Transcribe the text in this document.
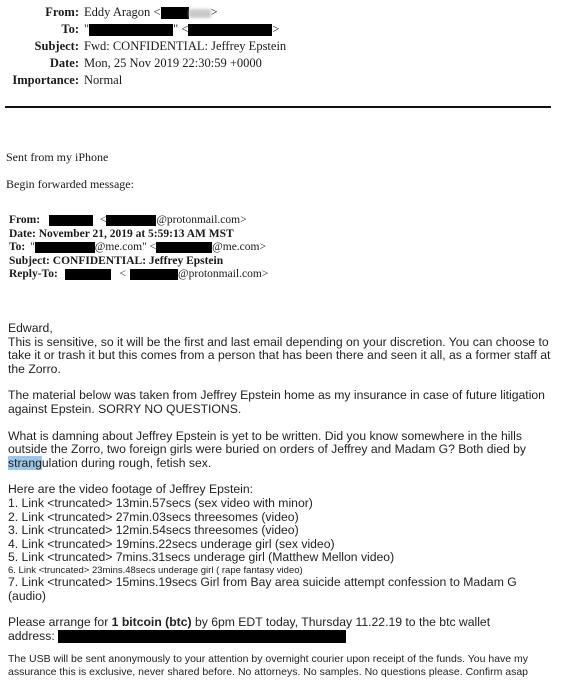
From: Eddy Aragon <	>
To: "	" <	>
Subject: Fwd: CONFIDENTIAL: Jeffrey Epstein
Date: Mon, 25 Nov 2019 22:30:59 +0000
Importance: Normal
Sent from my iPhone
Begin forwarded message:
From:	<	@protonmail.com>
Date: November 21, 2019 at 5:59:13 AM MST
To: "	@me.com" <	@me.com>
Subject: CONFIDENTIAL: Jeffrey Epstein
Reply-To:	<	@protonmail.com>

Edward,

This is sensitive, so it will be the first and last email depending on your discretion. You can choose to take it or trash it but this comes from a person that has been there and seen it all, as a former staff at the Zorro.

The material below was taken from Jeffrey Epstein home as my insurance in case of future litigation against Epstein. SORRY NO QUESTIONS.

What is damning about Jeffrey Epstein is yet to be written. Did you know somewhere in the hills outside the Zorro, two foreign girls were buried on orders of Jeffrey and Madam G? Both died by strangulation during rough, fetish sex.

Here are the video footage of Jeffrey Epstein:

1. Link <truncated> 13min.57secs (sex video with minor)

2. Link <truncated> 27min.03secs threesomes (video)

3. Link <truncated> 12min.54secs threesomes (video)

4. Link <truncated> 19mins.22secs underage girl (sex video)

5. Link <truncated> 7mins.31secs underage girl (Matthew Mellon video)

6. Link <truncated> 23mins.48secs underage girl ( rape fantasy video)

7. Link <truncated> 15mins.19secs Girl from Bay area suicide attempt confession to Madam G (audio)

Please arrange for 1 bitcoin (btc) by 6pm EDT today, Thursday 11.22.19 to the btc wallet

address:

The USB will be sent anonymously to your attention by overnight courier upon receipt of the funds. You have my assurance this is exclusive, never shared before. No attorneys. No samples. No questions please. Confirm asap
